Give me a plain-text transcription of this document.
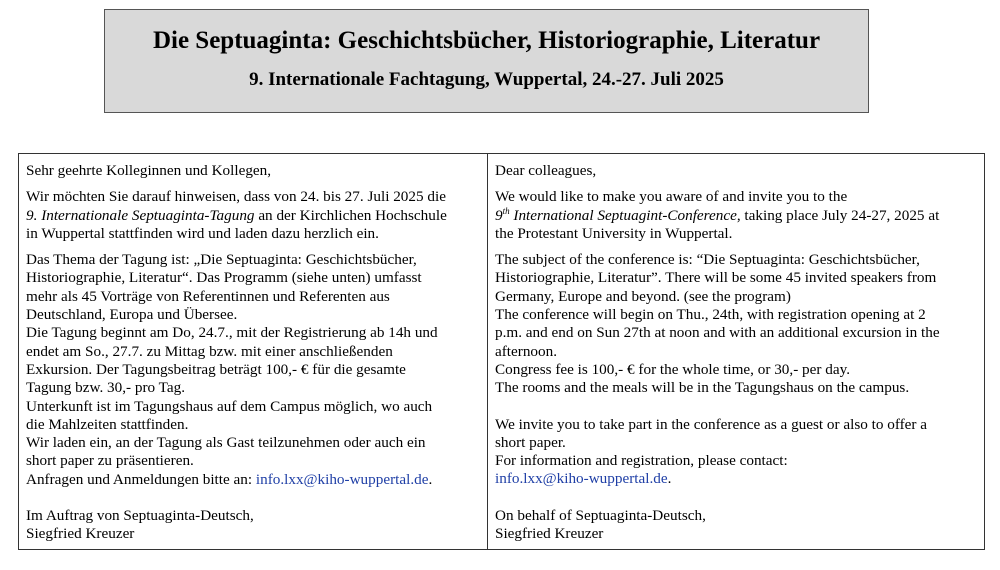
Die Septuaginta: Geschichtsbücher, Historiographie, Literatur
9. Internationale Fachtagung, Wuppertal, 24.-27. Juli 2025
Sehr geehrte Kolleginnen und Kollegen,
Wir möchten Sie darauf hinweisen, dass von 24. bis 27. Juli 2025 die
9. Internationale Septuaginta-Tagung an der Kirchlichen Hochschule
in Wuppertal stattfinden wird und laden dazu herzlich ein.
Das Thema der Tagung ist: „Die Septuaginta: Geschichtsbücher,
Historiographie, Literatur“. Das Programm (siehe unten) umfasst
mehr als 45 Vorträge von Referentinnen und Referenten aus
Deutschland, Europa und Übersee.
Die Tagung beginnt am Do, 24.7., mit der Registrierung ab 14h und
endet am So., 27.7. zu Mittag bzw. mit einer anschließenden
Exkursion. Der Tagungsbeitrag beträgt 100,- € für die gesamte
Tagung bzw. 30,- pro Tag.
Unterkunft ist im Tagungshaus auf dem Campus möglich, wo auch
die Mahlzeiten stattfinden.
Wir laden ein, an der Tagung als Gast teilzunehmen oder auch ein
short paper zu präsentieren.
Anfragen und Anmeldungen bitte an: info.lxx@kiho-wuppertal.de.
Im Auftrag von Septuaginta-Deutsch,
Siegfried Kreuzer
Dear colleagues,
We would like to make you aware of and invite you to the
9th International Septuagint-Conference, taking place July 24-27, 2025 at
the Protestant University in Wuppertal.
The subject of the conference is: “Die Septuaginta: Geschichtsbücher,
Historiographie, Literatur”. There will be some 45 invited speakers from
Germany, Europe and beyond. (see the program)
The conference will begin on Thu., 24th, with registration opening at 2
p.m. and end on Sun 27th at noon and with an additional excursion in the
afternoon.
Congress fee is 100,- € for the whole time, or 30,- per day.
The rooms and the meals will be in the Tagungshaus on the campus.
We invite you to take part in the conference as a guest or also to offer a
short paper.
For information and registration, please contact:
info.lxx@kiho-wuppertal.de.
On behalf of Septuaginta-Deutsch,
Siegfried Kreuzer
